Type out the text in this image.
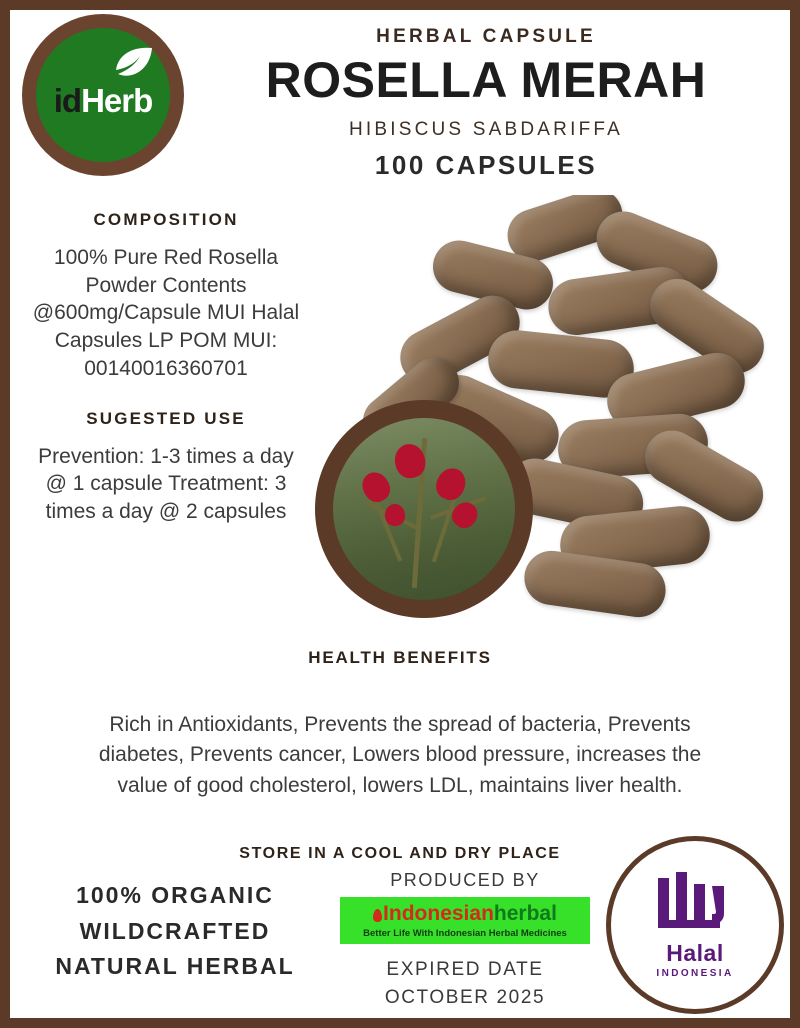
idHerb
HERBAL CAPSULE
ROSELLA MERAH
HIBISCUS SABDARIFFA
100 CAPSULES
COMPOSITION
100% Pure Red Rosella Powder Contents @600mg/Capsule MUI Halal Capsules LP POM MUI: 00140016360701
SUGESTED USE
Prevention: 1-3 times a day @ 1 capsule Treatment: 3 times a day @ 2 capsules
HEALTH BENEFITS
Rich in Antioxidants, Prevents the spread of bacteria, Prevents diabetes, Prevents cancer, Lowers blood pressure, increases the value of good cholesterol, lowers LDL, maintains liver health.
STORE IN A COOL AND DRY PLACE
100% ORGANIC WILDCRAFTED NATURAL HERBAL
PRODUCED BY
Indonesianherbal
Better Life With Indonesian Herbal Medicines
EXPIRED DATE
OCTOBER 2025
Halal
INDONESIA
